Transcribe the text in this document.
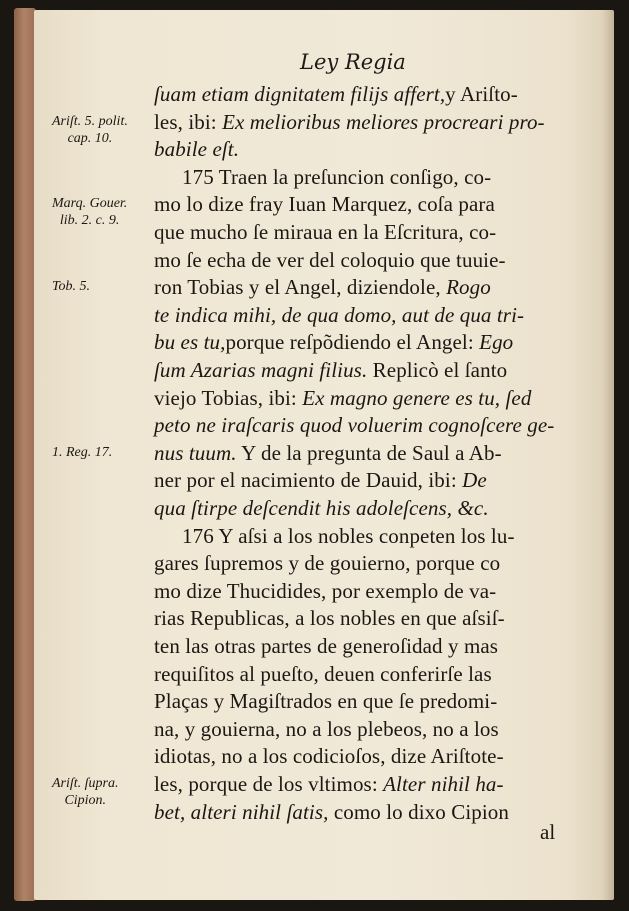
Ley Regia
ſuam etiam dignitatem filijs affert,y Ariſto-
les, ibi: Ex melioribus meliores procreari pro-
babile eſt.
175 Traen la preſuncion conſigo, co-
mo lo dize fray Iuan Marquez, coſa para
que mucho ſe miraua en la Eſcritura, co-
mo ſe echa de ver del coloquio que tuuie-
ron Tobias y el Angel, diziendole, Rogo
te indica mihi, de qua domo, aut de qua tri-
bu es tu,porque reſpõdiendo el Angel: Ego
ſum Azarias magni filius. Replicò el ſanto
viejo Tobias, ibi: Ex magno genere es tu, ſed
peto ne iraſcaris quod voluerim cognoſcere ge-
nus tuum. Y de la pregunta de Saul a Ab-
ner por el nacimiento de Dauid, ibi: De
qua ſtirpe deſcendit his adoleſcens, &c.
176 Y aſsi a los nobles conpeten los lu-
gares ſupremos y de gouierno, porque co
mo dize Thucidides, por exemplo de va-
rias Republicas, a los nobles en que aſsiſ-
ten las otras partes de generoſidad y mas
requiſitos al pueſto, deuen conferirſe las
Plaças y Magiſtrados en que ſe predomi-
na, y gouierna, no a los plebeos, no a los
idiotas, no a los codicioſos, dize Ariſtote-
les, porque de los vltimos: Alter nihil ha-
bet, alteri nihil ſatis, como lo dixo Cipion
Ariſt. 5. polit.
cap. 10.
Marq. Gouer.
lib. 2. c. 9.
Tob. 5.
1. Reg. 17.
Ariſt. ſupra.
Cipion.
al
